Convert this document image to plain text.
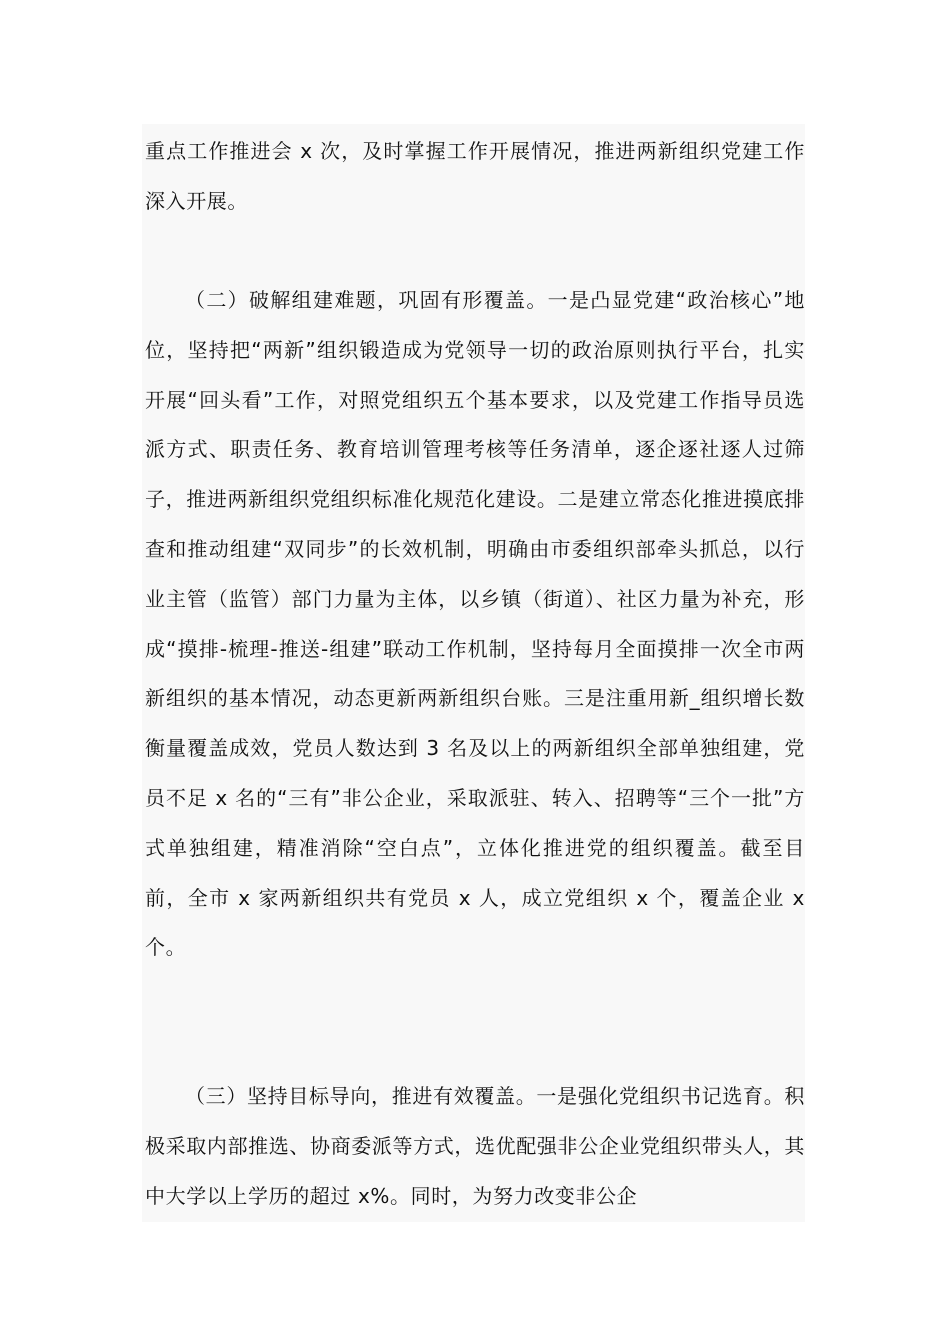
重点工作推进会 x 次，及时掌握工作开展情况，推进两新组织党建工作深入开展。

（二）破解组建难题，巩固有形覆盖。一是凸显党建“政治核心”地位，坚持把“两新”组织锻造成为党领导一切的政治原则执行平台，扎实开展“回头看”工作，对照党组织五个基本要求，以及党建工作指导员选派方式、职责任务、教育培训管理考核等任务清单，逐企逐社逐人过筛子，推进两新组织党组织标准化规范化建设。二是建立常态化推进摸底排查和推动组建“双同步”的长效机制，明确由市委组织部牵头抓总，以行业主管（监管）部门力量为主体，以乡镇（街道）、社区力量为补充，形成“摸排-梳理-推送-组建”联动工作机制，坚持每月全面摸排一次全市两新组织的基本情况，动态更新两新组织台账。三是注重用新_组织增长数衡量覆盖成效，党员人数达到 3 名及以上的两新组织全部单独组建，党员不足 x 名的“三有”非公企业，采取派驻、转入、招聘等“三个一批”方式单独组建，精准消除“空白点”，立体化推进党的组织覆盖。截至目前，全市 x 家两新组织共有党员 x 人，成立党组织 x 个，覆盖企业 x 个。

（三）坚持目标导向，推进有效覆盖。一是强化党组织书记选育。积极采取内部推选、协商委派等方式，选优配强非公企业党组织带头人，其中大学以上学历的超过 x%。同时，为努力改变非公企
